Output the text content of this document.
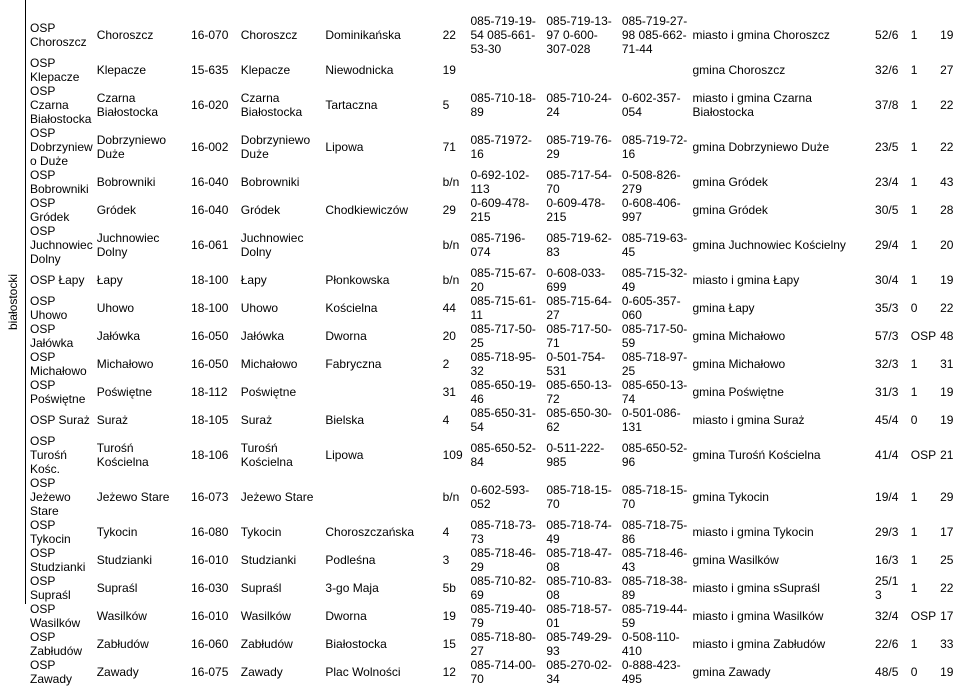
białostocki
OSP Choroszcz	Choroszcz	16-070	Choroszcz	Dominikańska	22	085-719-19-54 085-661-53-30	085-719-13-97 0-600-307-028	085-719-27-98 085-662-71-44	miasto i gmina Choroszcz	52/6	1	19
OSP Klepacze	Klepacze	15-635	Klepacze	Niewodnicka	19				gmina Choroszcz	32/6	1	27
OSP Czarna Białostocka	Czarna Białostocka	16-020	Czarna Białostocka	Tartaczna	5	085-710-18-89	085-710-24-24	0-602-357-054	miasto i gmina Czarna Białostocka	37/8	1	22
OSP Dobrzyniew o Duże	Dobrzyniewo Duże	16-002	Dobrzyniewo Duże	Lipowa	71	085-71972-16	085-719-76-29	085-719-72-16	gmina Dobrzyniewo Duże	23/5	1	22
OSP Bobrowniki	Bobrowniki	16-040	Bobrowniki		b/n	0-692-102-113	085-717-54-70	0-508-826-279	gmina Gródek	23/4	1	43
OSP Gródek	Gródek	16-040	Gródek	Chodkiewiczów	29	0-609-478-215	0-609-478-215	0-608-406-997	gmina Gródek	30/5	1	28
OSP Juchnowiec Dolny	Juchnowiec Dolny	16-061	Juchnowiec Dolny		b/n	085-7196-074	085-719-62-83	085-719-63-45	gmina Juchnowiec Kościelny	29/4	1	20
OSP Łapy	Łapy	18-100	Łapy	Płonkowska	b/n	085-715-67-20	0-608-033-699	085-715-32-49	miasto i gmina Łapy	30/4	1	19
OSP Uhowo	Uhowo	18-100	Uhowo	Kościelna	44	085-715-61-11	085-715-64-27	0-605-357-060	gmina Łapy	35/3	0	22
OSP Jałówka	Jałówka	16-050	Jałówka	Dworna	20	085-717-50-25	085-717-50-71	085-717-50-59	gmina Michałowo	57/3	OSP	48
OSP Michałowo	Michałowo	16-050	Michałowo	Fabryczna	2	085-718-95-32	0-501-754-531	085-718-97-25	gmina Michałowo	32/3	1	31
OSP Poświętne	Poświętne	18-112	Poświętne		31	085-650-19-46	085-650-13-72	085-650-13-74	gmina Poświętne	31/3	1	19
OSP Suraż	Suraż	18-105	Suraż	Bielska	4	085-650-31-54	085-650-30-62	0-501-086-131	miasto i gmina Suraż	45/4	0	19
OSP Turośń Kośc.	Turośń Kościelna	18-106	Turośń Kościelna	Lipowa	109	085-650-52-84	0-511-222-985	085-650-52-96	gmina Turośń Kościelna	41/4	OSP	21
OSP Jeżewo Stare	Jeżewo Stare	16-073	Jeżewo Stare		b/n	0-602-593-052	085-718-15-70	085-718-15-70	gmina Tykocin	19/4	1	29
OSP Tykocin	Tykocin	16-080	Tykocin	Choroszczańska	4	085-718-73-73	085-718-74-49	085-718-75-86	miasto i gmina Tykocin	29/3	1	17
OSP Studzianki	Studzianki	16-010	Studzianki	Podleśna	3	085-718-46-29	085-718-47-08	085-718-46-43	gmina Wasilków	16/3	1	25
OSP Supraśl	Supraśl	16-030	Supraśl	3-go Maja	5b	085-710-82-69	085-710-83-08	085-718-38-89	miasto i gmina sSupraśl	25/1 3	1	22
OSP Wasilków	Wasilków	16-010	Wasilków	Dworna	19	085-719-40-79	085-718-57-01	085-719-44-59	miasto i gmina Wasilków	32/4	OSP	17
OSP Zabłudów	Zabłudów	16-060	Zabłudów	Białostocka	15	085-718-80-27	085-749-29-93	0-508-110-410	miasto i gmina Zabłudów	22/6	1	33
OSP Zawady	Zawady	16-075	Zawady	Plac Wolności	12	085-714-00-70	085-270-02-34	0-888-423-495	gmina Zawady	48/5	0	19
